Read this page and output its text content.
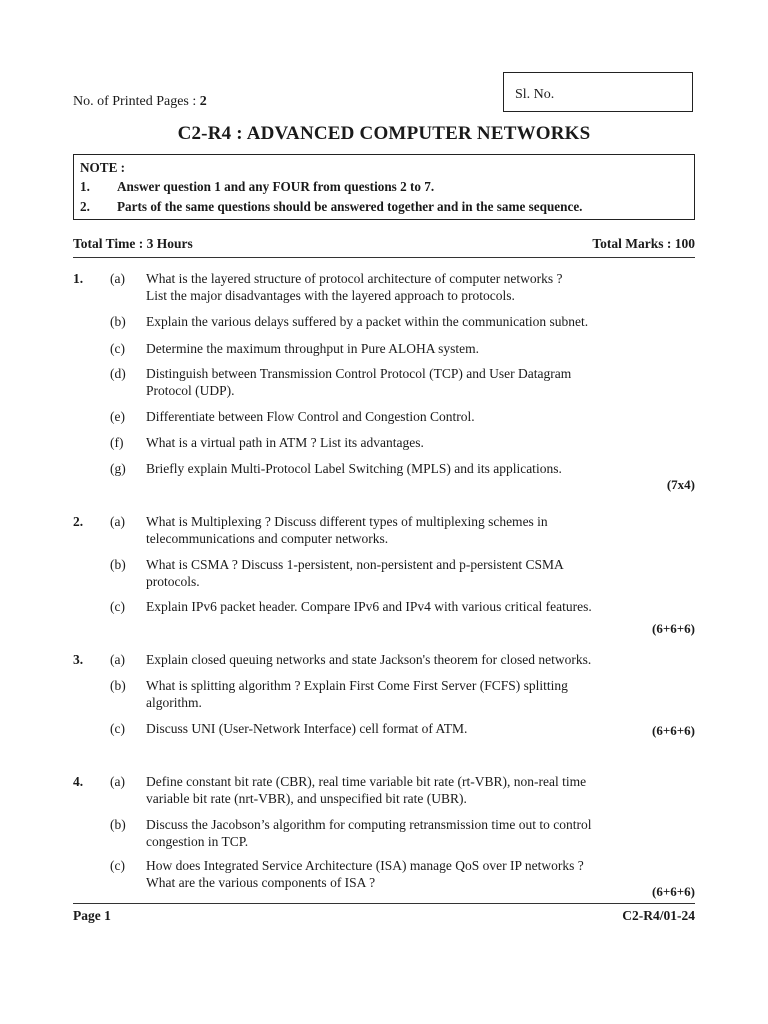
No. of Printed Pages : 2	Sl. No.
C2-R4 : ADVANCED COMPUTER NETWORKS
NOTE :
1. Answer question 1 and any FOUR from questions 2 to 7.
2. Parts of the same questions should be answered together and in the same sequence.
Total Time : 3 Hours	Total Marks : 100
1. (a) What is the layered structure of protocol architecture of computer networks ?
List the major disadvantages with the layered approach to protocols.
(b) Explain the various delays suffered by a packet within the communication subnet.
(c) Determine the maximum throughput in Pure ALOHA system.
(d) Distinguish between Transmission Control Protocol (TCP) and User Datagram
Protocol (UDP).
(e) Differentiate between Flow Control and Congestion Control.
(f) What is a virtual path in ATM ? List its advantages.
(g) Briefly explain Multi-Protocol Label Switching (MPLS) and its applications.
(7x4)
2. (a) What is Multiplexing ? Discuss different types of multiplexing schemes in
telecommunications and computer networks.
(b) What is CSMA ? Discuss 1-persistent, non-persistent and p-persistent CSMA
protocols.
(c) Explain IPv6 packet header. Compare IPv6 and IPv4 with various critical features.
(6+6+6)
3. (a) Explain closed queuing networks and state Jackson's theorem for closed networks.
(b) What is splitting algorithm ? Explain First Come First Server (FCFS) splitting
algorithm.
(c) Discuss UNI (User-Network Interface) cell format of ATM.	(6+6+6)
4. (a) Define constant bit rate (CBR), real time variable bit rate (rt-VBR), non-real time
variable bit rate (nrt-VBR), and unspecified bit rate (UBR).
(b) Discuss the Jacobson’s algorithm for computing retransmission time out to control
congestion in TCP.
(c) How does Integrated Service Architecture (ISA) manage QoS over IP networks ?
What are the various components of ISA ?
(6+6+6)
Page 1	C2-R4/01-24
